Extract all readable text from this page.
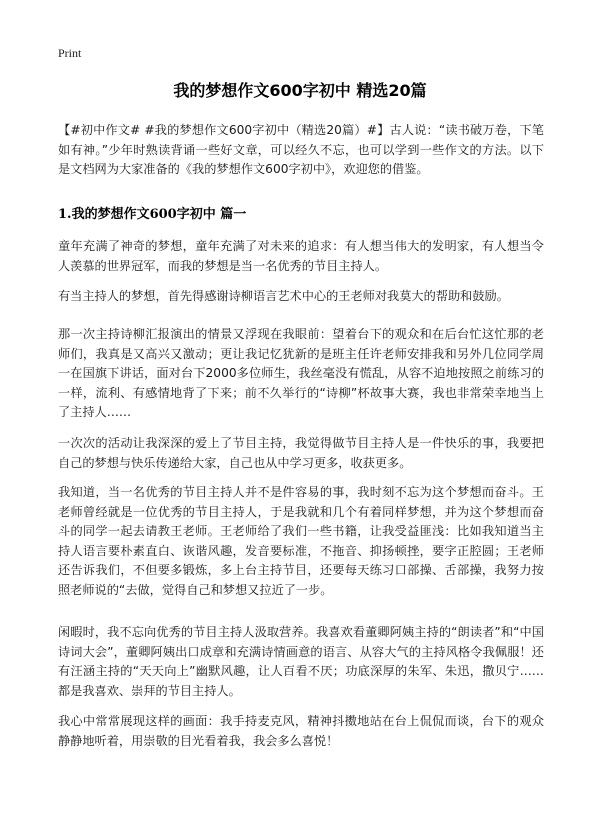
Print
我的梦想作文600字初中 精选20篇
【#初中作文# #我的梦想作文600字初中（精选20篇）#】古人说：“读书破万卷，下笔如有神。”少年时熟读背诵一些好文章，可以经久不忘，也可以学到一些作文的方法。以下是文档网为大家准备的《我的梦想作文600字初中》，欢迎您的借鉴。
1.我的梦想作文600字初中 篇一
童年充满了神奇的梦想，童年充满了对未来的追求：有人想当伟大的发明家，有人想当令人羡慕的世界冠军，而我的梦想是当一名优秀的节目主持人。
有当主持人的梦想，首先得感谢诗柳语言艺术中心的王老师对我莫大的帮助和鼓励。
那一次主持诗柳汇报演出的情景又浮现在我眼前：望着台下的观众和在后台忙这忙那的老师们，我真是又高兴又激动；更让我记忆犹新的是班主任许老师安排我和另外几位同学周一在国旗下讲话，面对台下2000多位师生，我丝毫没有慌乱，从容不迫地按照之前练习的一样，流利、有感情地背了下来；前不久举行的“诗柳”杯故事大赛，我也非常荣幸地当上了主持人……
一次次的活动让我深深的爱上了节目主持，我觉得做节目主持人是一件快乐的事，我要把自己的梦想与快乐传递给大家，自己也从中学习更多，收获更多。
我知道，当一名优秀的节目主持人并不是件容易的事，我时刻不忘为这个梦想而奋斗。王老师曾经就是一位优秀的节目主持人，于是我就和几个有着同样梦想，并为这个梦想而奋斗的同学一起去请教王老师。王老师给了我们一些书籍，让我受益匪浅：比如我知道当主持人语言要朴素直白、诙谐风趣，发音要标准，不拖音、抑扬顿挫，要字正腔圆；王老师还告诉我们，不但要多锻炼，多上台主持节目，还要每天练习口部操、舌部操，我努力按照老师说的“去做，觉得自己和梦想又拉近了一步。
闲暇时，我不忘向优秀的节目主持人汲取营养。我喜欢看董卿阿姨主持的“朗读者”和“中国诗词大会”，董卿阿姨出口成章和充满诗情画意的语言、从容大气的主持风格令我佩服！还有汪涵主持的“天天向上”幽默风趣，让人百看不厌；功底深厚的朱军、朱迅，撒贝宁……都是我喜欢、崇拜的节目主持人。
我心中常常展现这样的画面：我手持麦克风，精神抖擞地站在台上侃侃而谈，台下的观众静静地听着，用崇敬的目光看着我，我会多么喜悦！
